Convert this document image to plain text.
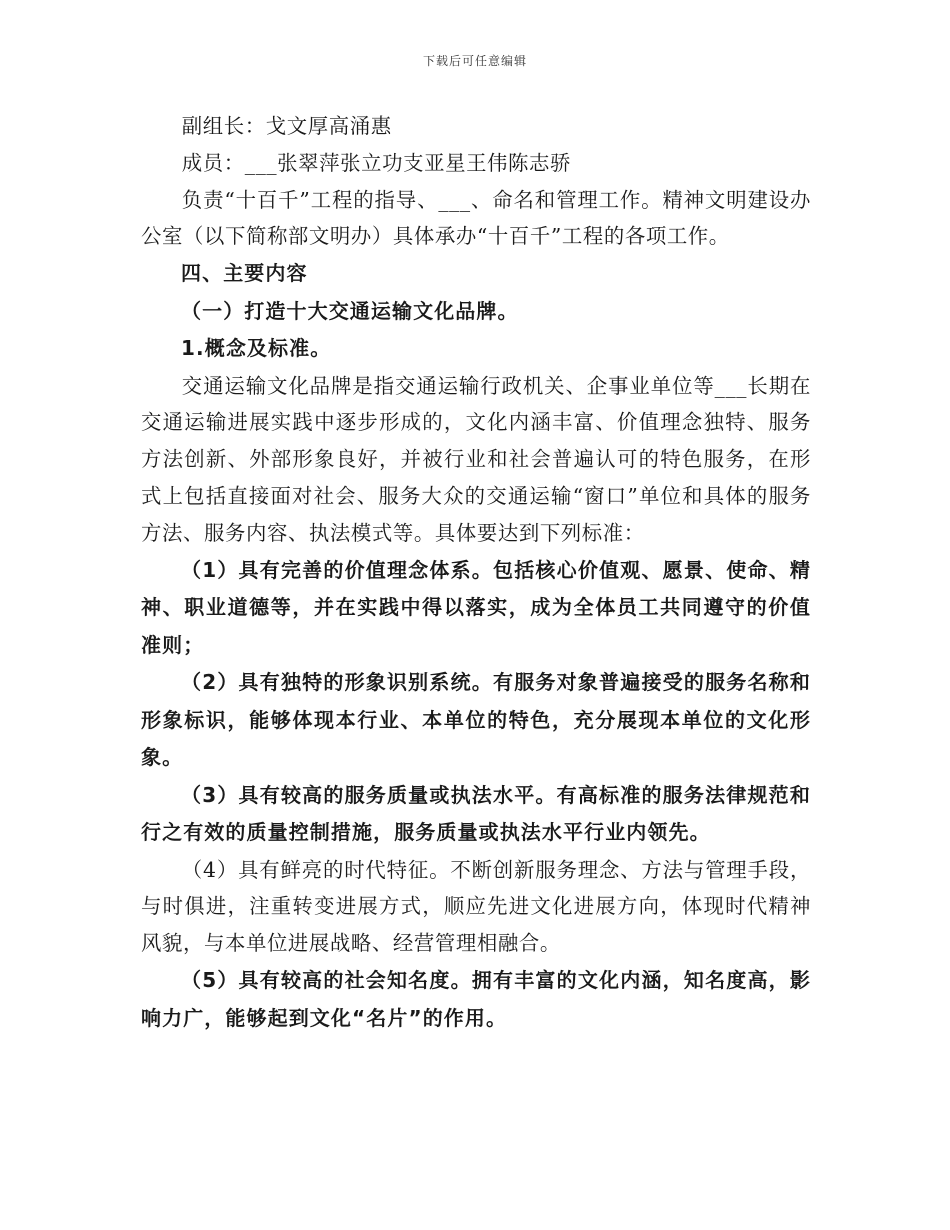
下载后可任意编辑

副组长：戈文厚高涌惠

成员：___张翠萍张立功支亚星王伟陈志骄

负责“十百千”工程的指导、___、命名和管理工作。精神文明建设办公室（以下简称部文明办）具体承办“十百千”工程的各项工作。

四、主要内容

（一）打造十大交通运输文化品牌。

1.概念及标准。

交通运输文化品牌是指交通运输行政机关、企事业单位等___长期在交通运输进展实践中逐步形成的，文化内涵丰富、价值理念独特、服务方法创新、外部形象良好，并被行业和社会普遍认可的特色服务，在形式上包括直接面对社会、服务大众的交通运输“窗口”单位和具体的服务方法、服务内容、执法模式等。具体要达到下列标准：

（1）具有完善的价值理念体系。包括核心价值观、愿景、使命、精神、职业道德等，并在实践中得以落实，成为全体员工共同遵守的价值准则；

（2）具有独特的形象识别系统。有服务对象普遍接受的服务名称和形象标识，能够体现本行业、本单位的特色，充分展现本单位的文化形象。

（3）具有较高的服务质量或执法水平。有高标准的服务法律规范和行之有效的质量控制措施，服务质量或执法水平行业内领先。

（4）具有鲜亮的时代特征。不断创新服务理念、方法与管理手段，与时俱进，注重转变进展方式，顺应先进文化进展方向，体现时代精神风貌，与本单位进展战略、经营管理相融合。

（5）具有较高的社会知名度。拥有丰富的文化内涵，知名度高，影响力广，能够起到文化“名片”的作用。
